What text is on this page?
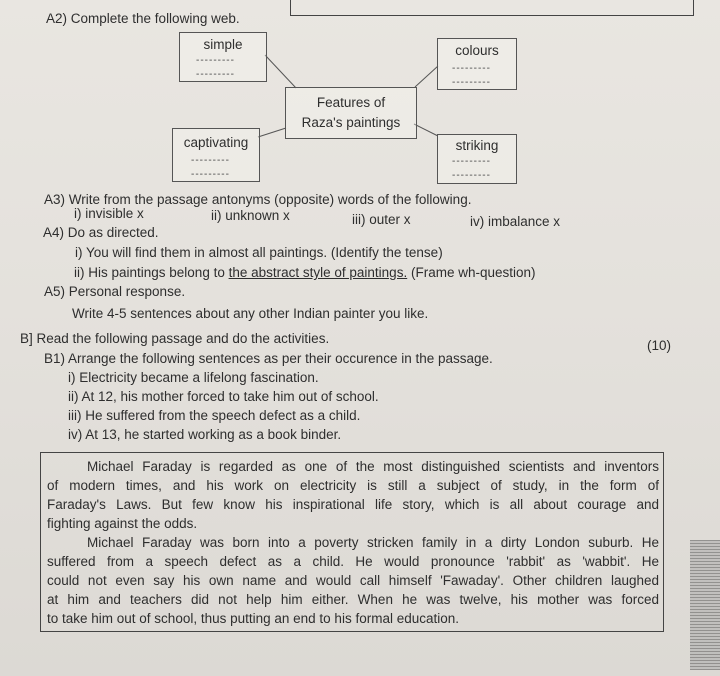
A2) Complete the following web.
simple
---------
---------
colours
---------
---------
Features of
Raza's paintings
captivating
---------
---------
striking
---------
---------
A3) Write from the passage antonyms (opposite) words of the following.
i) invisible x	ii) unknown x	iii) outer x	iv) imbalance x
A4) Do as directed.
i) You will find them in almost all paintings. (Identify the tense)
ii) His paintings belong to the abstract style of paintings. (Frame wh-question)
A5) Personal response.
Write 4-5 sentences about any other Indian painter you like.
B] Read the following passage and do the activities.	(10)
B1) Arrange the following sentences as per their occurence in the passage.
i) Electricity became a lifelong fascination.
ii) At 12, his mother forced to take him out of school.
iii) He suffered from the speech defect as a child.
iv) At 13, he started working as a book binder.

Michael Faraday is regarded as one of the most distinguished scientists and inventors

of modern times, and his work on electricity is still a subject of study, in the form of

Faraday's Laws. But few know his inspirational life story, which is all about courage and

fighting against the odds.

Michael Faraday was born into a poverty stricken family in a dirty London suburb. He

suffered from a speech defect as a child. He would pronounce 'rabbit' as 'wabbit'. He

could not even say his own name and would call himself 'Fawaday'. Other children laughed

at him and teachers did not help him either. When he was twelve, his mother was forced

to take him out of school, thus putting an end to his formal education.
